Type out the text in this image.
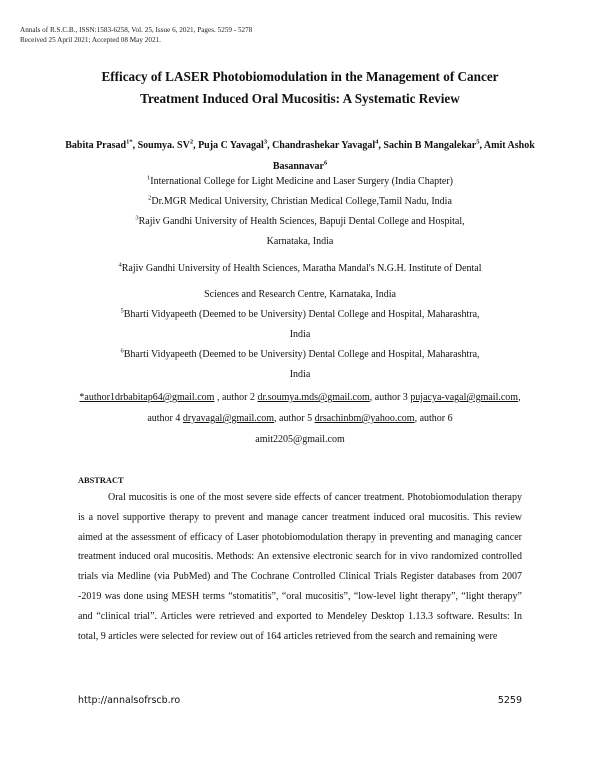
Annals of R.S.C.B., ISSN:1583-6258, Vol. 25, Issue 6, 2021, Pages. 5259 - 5278
Received 25 April 2021; Accepted 08 May 2021.
Efficacy of LASER Photobiomodulation in the Management of Cancer
Treatment Induced Oral Mucositis: A Systematic Review
Babita Prasad$^{1*}$, Soumya. $SV^2$, Puja C Yavagal$^3$, Chandrashekar Yavagal$^4$, Sachin B Mangalekar$^5$, Amit Ashok Basannavar$^6$
$^1$International College for Light Medicine and Laser Surgery (India Chapter)
$^2$Dr.MGR Medical University, Christian Medical College,Tamil Nadu, India
$^3$Rajiv Gandhi University of Health Sciences, Bapuji Dental College and Hospital,
Karnataka, India
$^4$Rajiv Gandhi University of Health Sciences, Maratha Mandal's N.G.H. Institute of Dental
Sciences and Research Centre, Karnataka, India
$^5$Bharti Vidyapeeth (Deemed to be University) Dental College and Hospital, Maharashtra,
India
$^6$Bharti Vidyapeeth (Deemed to be University) Dental College and Hospital, Maharashtra,
India
*author1drbabitap64@gmail.com , author 2 dr.soumya.mds@gmail.com, author 3 pujacya-vagal@gmail.com, author 4 dryavagal@gmail.com, author 5 drsachinbm@yahoo.com, author 6
amit2205@gmail.com
ABSTRACT
Oral mucositis is one of the most severe side effects of cancer treatment. Photobiomodulation therapy is a novel supportive therapy to prevent and manage cancer treatment induced oral mucositis. This review aimed at the assessment of efficacy of Laser photobiomodulation therapy in preventing and managing cancer treatment induced oral mucositis. Methods: An extensive electronic search for in vivo randomized controlled trials via Medline (via PubMed) and The Cochrane Controlled Clinical Trials Register databases from 2007 -2019 was done using MESH terms “stomatitis”, “oral mucositis”, “low-level light therapy”, “light therapy” and “clinical trial”. Articles were retrieved and exported to Mendeley Desktop 1.13.3 software. Results: In total, 9 articles were selected for review out of 164 articles retrieved from the search and remaining were
http://annalsofrscb.ro	5259
